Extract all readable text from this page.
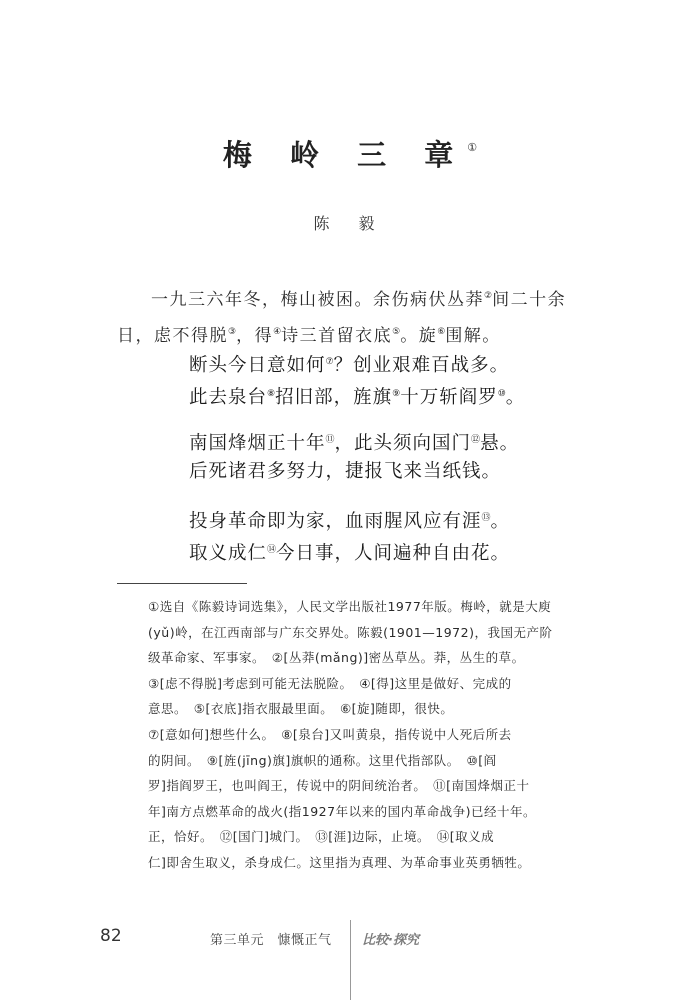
梅 岭 三 章①
陈 毅
一九三六年冬，梅山被困。余伤病伏丛莽②间二十余日，虑不得脱③，得④诗三首留衣底⑤。旋⑥围解。
断头今日意如何⑦？创业艰难百战多。
此去泉台⑧招旧部，旌旗⑨十万斩阎罗⑩。
南国烽烟正十年⑪，此头须向国门⑫悬。
后死诸君多努力，捷报飞来当纸钱。
投身革命即为家，血雨腥风应有涯⑬。
取义成仁⑭今日事，人间遍种自由花。
①选自《陈毅诗词选集》，人民文学出版社1977年版。梅岭，就是大庾
(yǔ)岭，在江西南部与广东交界处。陈毅(1901—1972)，我国无产阶
级革命家、军事家。　②[丛莽(mǎng)]密丛草丛。莽，丛生的草。
③[虑不得脱]考虑到可能无法脱险。　④[得]这里是做好、完成的
意思。　⑤[衣底]指衣服最里面。　⑥[旋]随即，很快。
⑦[意如何]想些什么。　⑧[泉台]又叫黄泉，指传说中人死后所去
的阴间。　⑨[旌(jīng)旗]旗帜的通称。这里代指部队。　⑩[阎
罗]指阎罗王，也叫阎王，传说中的阴间统治者。　⑪[南国烽烟正十
年]南方点燃革命的战火(指1927年以来的国内革命战争)已经十年。
正，恰好。　⑫[国门]城门。　⑬[涯]边际，止境。　⑭[取义成
仁]即舍生取义，杀身成仁。这里指为真理、为革命事业英勇牺牲。
82	第三单元　慷慨正气 比较·探究
